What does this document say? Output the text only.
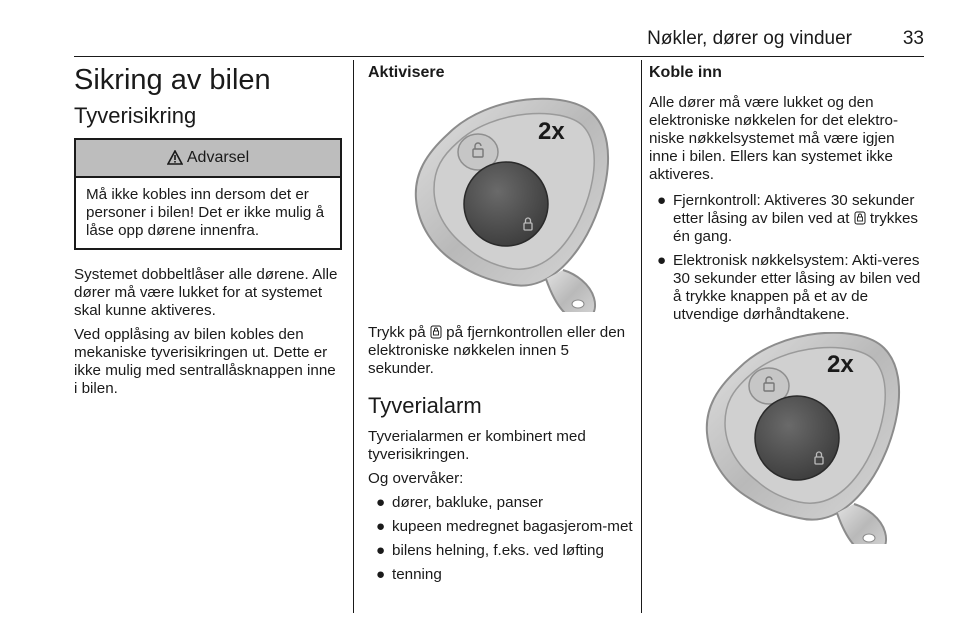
Nøkler, dører og vinduer	33
Sikring av bilen
Tyverisikring
Advarsel

Må ikke kobles inn dersom det er personer i bilen! Det er ikke mulig å låse opp dørene innenfra.

Systemet dobbeltlåser alle dørene. Alle dører må være lukket for at systemet skal kunne aktiveres.

Ved opplåsing av bilen kobles den mekaniske tyverisikringen ut. Dette er ikke mulig med sentrallåsknappen inne i bilen.

Aktivisere
2x

Trykk på på fjernkontrollen eller den elektroniske nøkkelen innen 5 sekunder.

Tyverialarm

Tyverialarmen er kombinert med tyverisikringen.

Og overvåker:

● dører, bakluke, panser
● kupeen medregnet bagasjerom-met
● bilens helning, f.eks. ved løfting
● tenning
Koble inn

Alle dører må være lukket og den elektroniske nøkkelen for det elektro-niske nøkkelsystemet må være igjen inne i bilen. Ellers kan systemet ikke aktiveres.

● Fjernkontroll: Aktiveres 30 sekunder etter låsing av bilen ved at trykkes én gang.
● Elektronisk nøkkelsystem: Akti-veres 30 sekunder etter låsing av bilen ved å trykke knappen på et av de utvendige dørhåndtakene.
2x
